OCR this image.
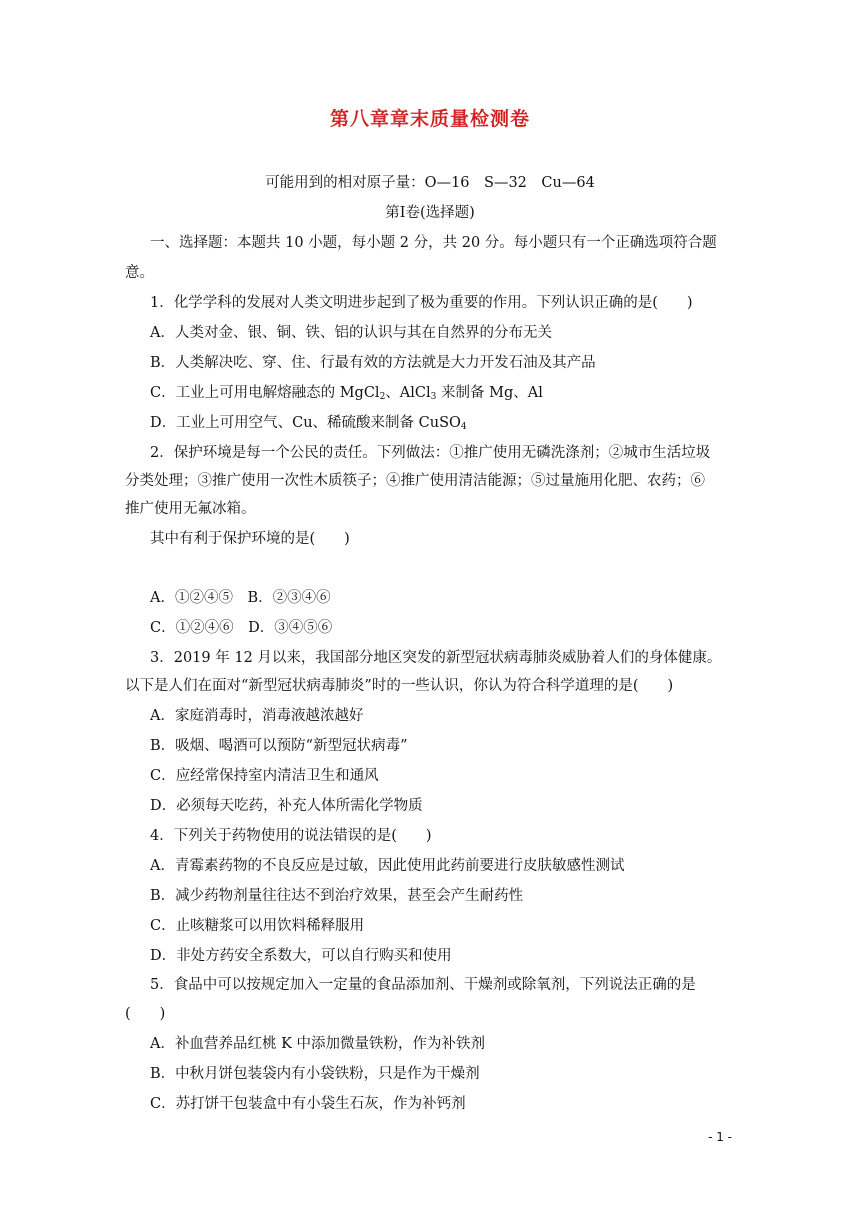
第八章章末质量检测卷
可能用到的相对原子量：O—16　S—32　Cu—64
第Ⅰ卷(选择题)
一、选择题：本题共 10 小题，每小题 2 分，共 20 分。每小题只有一个正确选项符合题
意。
1．化学学科的发展对人类文明进步起到了极为重要的作用。下列认识正确的是(　　)
A．人类对金、银、铜、铁、铝的认识与其在自然界的分布无关
B．人类解决吃、穿、住、行最有效的方法就是大力开发石油及其产品
C．工业上可用电解熔融态的 MgCl$_2$、AlCl$_3$ 来制备 Mg、Al
D．工业上可用空气、Cu、稀硫酸来制备 CuSO$_4$
2．保护环境是每一个公民的责任。下列做法：①推广使用无磷洗涤剂；②城市生活垃圾
分类处理；③推广使用一次性木质筷子；④推广使用清洁能源；⑤过量施用化肥、农药；⑥
推广使用无氟冰箱。
其中有利于保护环境的是(　　)
A．①②④⑤　B．②③④⑥
C．①②④⑥　D．③④⑤⑥
3．2019 年 12 月以来，我国部分地区突发的新型冠状病毒肺炎威胁着人们的身体健康。
以下是人们在面对“新型冠状病毒肺炎”时的一些认识，你认为符合科学道理的是(　　)
A．家庭消毒时，消毒液越浓越好
B．吸烟、喝酒可以预防“新型冠状病毒”
C．应经常保持室内清洁卫生和通风
D．必须每天吃药，补充人体所需化学物质
4．下列关于药物使用的说法错误的是(　　)
A．青霉素药物的不良反应是过敏，因此使用此药前要进行皮肤敏感性测试
B．减少药物剂量往往达不到治疗效果，甚至会产生耐药性
C．止咳糖浆可以用饮料稀释服用
D．非处方药安全系数大，可以自行购买和使用
5．食品中可以按规定加入一定量的食品添加剂、干燥剂或除氧剂，下列说法正确的是
(　　)
A．补血营养品红桃 K 中添加微量铁粉，作为补铁剂
B．中秋月饼包装袋内有小袋铁粉，只是作为干燥剂
C．苏打饼干包装盒中有小袋生石灰，作为补钙剂
- 1 -
